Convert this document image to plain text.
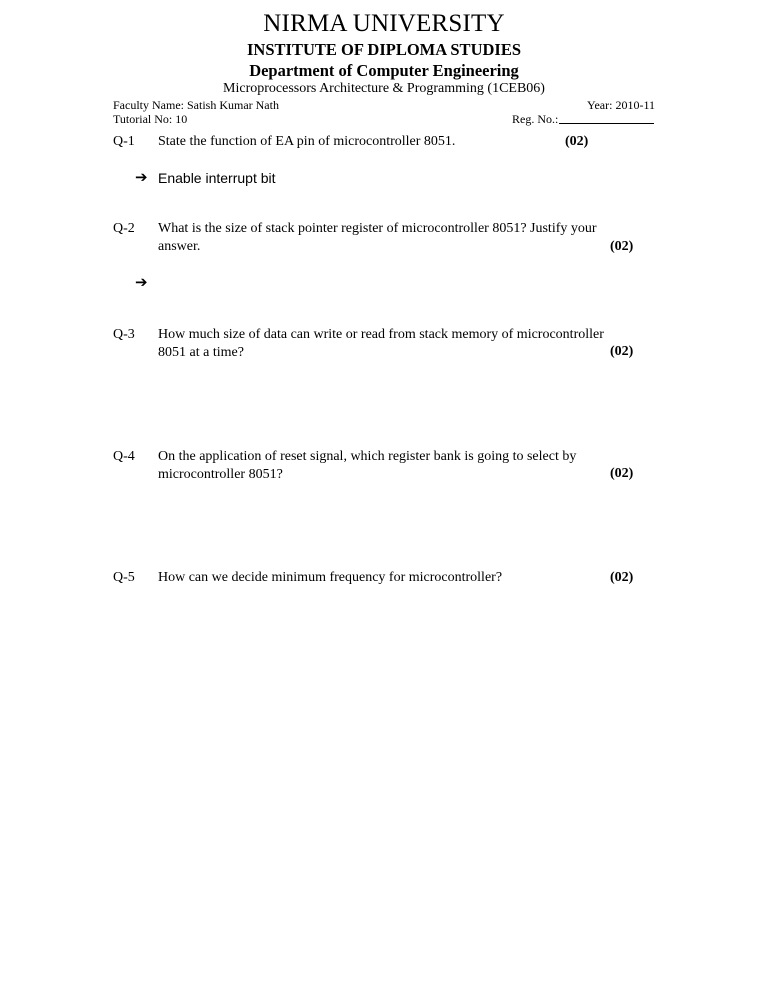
NIRMA UNIVERSITY
INSTITUTE OF DIPLOMA STUDIES
Department of Computer Engineering
Microprocessors Architecture & Programming (1CEB06)
Faculty Name: Satish Kumar Nath	Year: 2010-11
Tutorial No: 10	Reg. No.:
Q-1 State the function of EA pin of microcontroller 8051.	(02)
➔ Enable interrupt bit
Q-2 What is the size of stack pointer register of microcontroller 8051? Justify your
answer.	(02)
➔
Q-3 How much size of data can write or read from stack memory of microcontroller
8051 at a time?	(02)
Q-4 On the application of reset signal, which register bank is going to select by
microcontroller 8051?	(02)
Q-5 How can we decide minimum frequency for microcontroller?	(02)
